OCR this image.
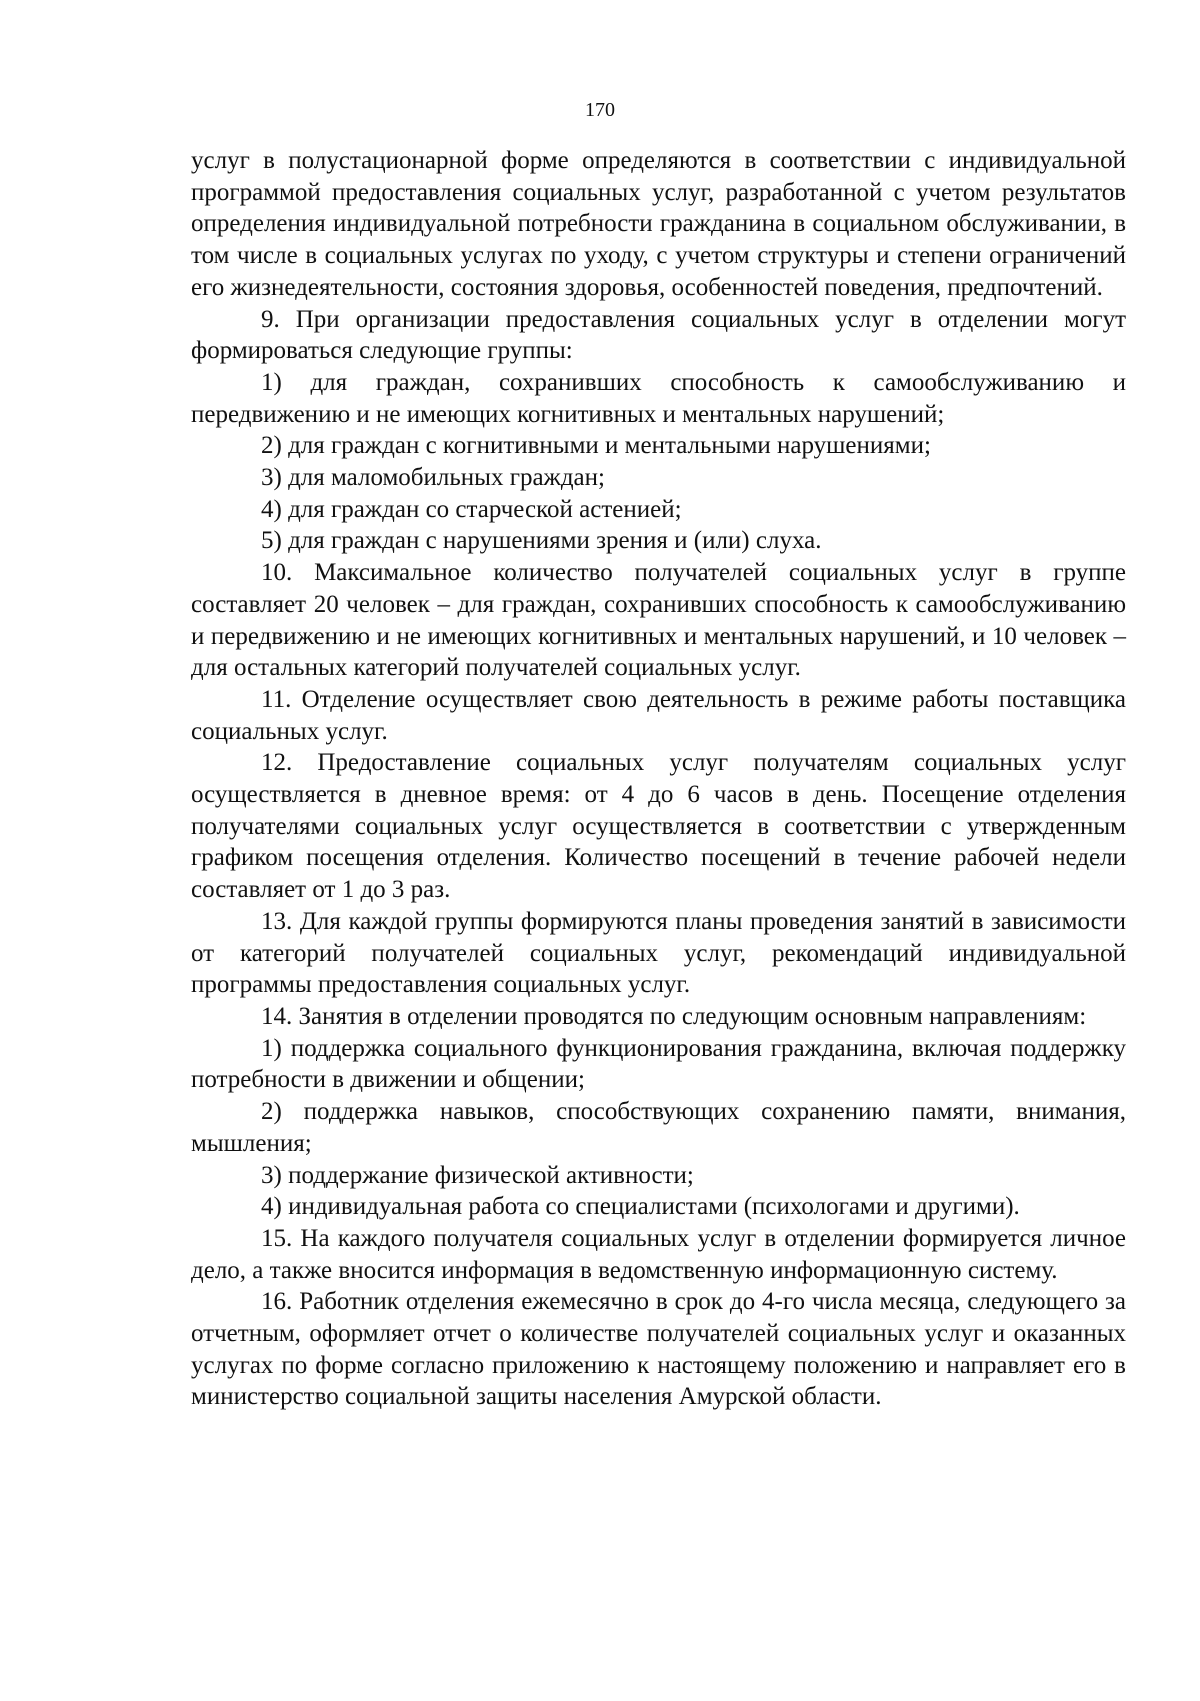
170

услуг в полустационарной форме определяются в соответствии с индивидуальной программой предоставления социальных услуг, разработанной с учетом результатов определения индивидуальной потребности гражданина в социальном обслуживании, в том числе в социальных услугах по уходу, с учетом структуры и степени ограничений его жизнедеятельности, состояния здоровья, особенностей поведения, предпочтений.

9. При организации предоставления социальных услуг в отделении могут формироваться следующие группы:

1) для граждан, сохранивших способность к самообслуживанию и передвижению и не имеющих когнитивных и ментальных нарушений;

2) для граждан с когнитивными и ментальными нарушениями;

3) для маломобильных граждан;

4) для граждан со старческой астенией;

5) для граждан с нарушениями зрения и (или) слуха.

10. Максимальное количество получателей социальных услуг в группе составляет 20 человек – для граждан, сохранивших способность к самообслуживанию и передвижению и не имеющих когнитивных и ментальных нарушений, и 10 человек – для остальных категорий получателей социальных услуг.

11. Отделение осуществляет свою деятельность в режиме работы поставщика социальных услуг.

12. Предоставление социальных услуг получателям социальных услуг осуществляется в дневное время: от 4 до 6 часов в день. Посещение отделения получателями социальных услуг осуществляется в соответствии с утвержденным графиком посещения отделения. Количество посещений в течение рабочей недели составляет от 1 до 3 раз.

13. Для каждой группы формируются планы проведения занятий в зависимости от категорий получателей социальных услуг, рекомендаций индивидуальной программы предоставления социальных услуг.

14. Занятия в отделении проводятся по следующим основным направлениям:

1) поддержка социального функционирования гражданина, включая поддержку потребности в движении и общении;

2) поддержка навыков, способствующих сохранению памяти, внимания, мышления;

3) поддержание физической активности;

4) индивидуальная работа со специалистами (психологами и другими).

15. На каждого получателя социальных услуг в отделении формируется личное дело, а также вносится информация в ведомственную информационную систему.

16. Работник отделения ежемесячно в срок до 4-го числа месяца, следующего за отчетным, оформляет отчет о количестве получателей социальных услуг и оказанных услугах по форме согласно приложению к настоящему положению и направляет его в министерство социальной защиты населения Амурской области.
